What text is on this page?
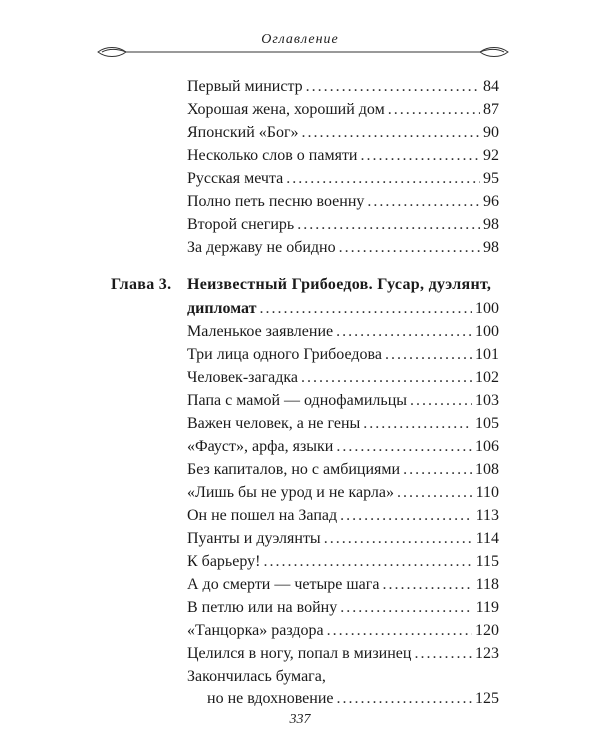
Оглавление
Первый министр . . .	84
Хорошая жена, хороший дом . . .	87
Японский «Бог» . . .	90
Несколько слов о памяти . . .	92
Русская мечта . . .	95
Полно петь песню военну . . .	96
Второй снегирь . . .	98
За державу не обидно . . .	98
Глава 3. Неизвестный Грибоедов. Гусар, дуэлянт,
дипломат . . .	100
Маленькое заявление . . .	100
Три лица одного Грибоедова . . .	101
Человек-загадка . . .	102
Папа с мамой — однофамильцы . . .	103
Важен человек, а не гены . . .	105
«Фауст», арфа, языки . . .	106
Без капиталов, но с амбициями . . .	108
«Лишь бы не урод и не карла» . . .	110
Он не пошел на Запад . . .	113
Пуанты и дуэлянты . . .	114
К барьеру! . . .	115
А до смерти — четыре шага . . .	118
В петлю или на войну . . .	119
«Танцорка» раздора . . .	120
Целился в ногу, попал в мизинец . . .	123
Закончилась бумага,
но не вдохновение . . .	125
337
